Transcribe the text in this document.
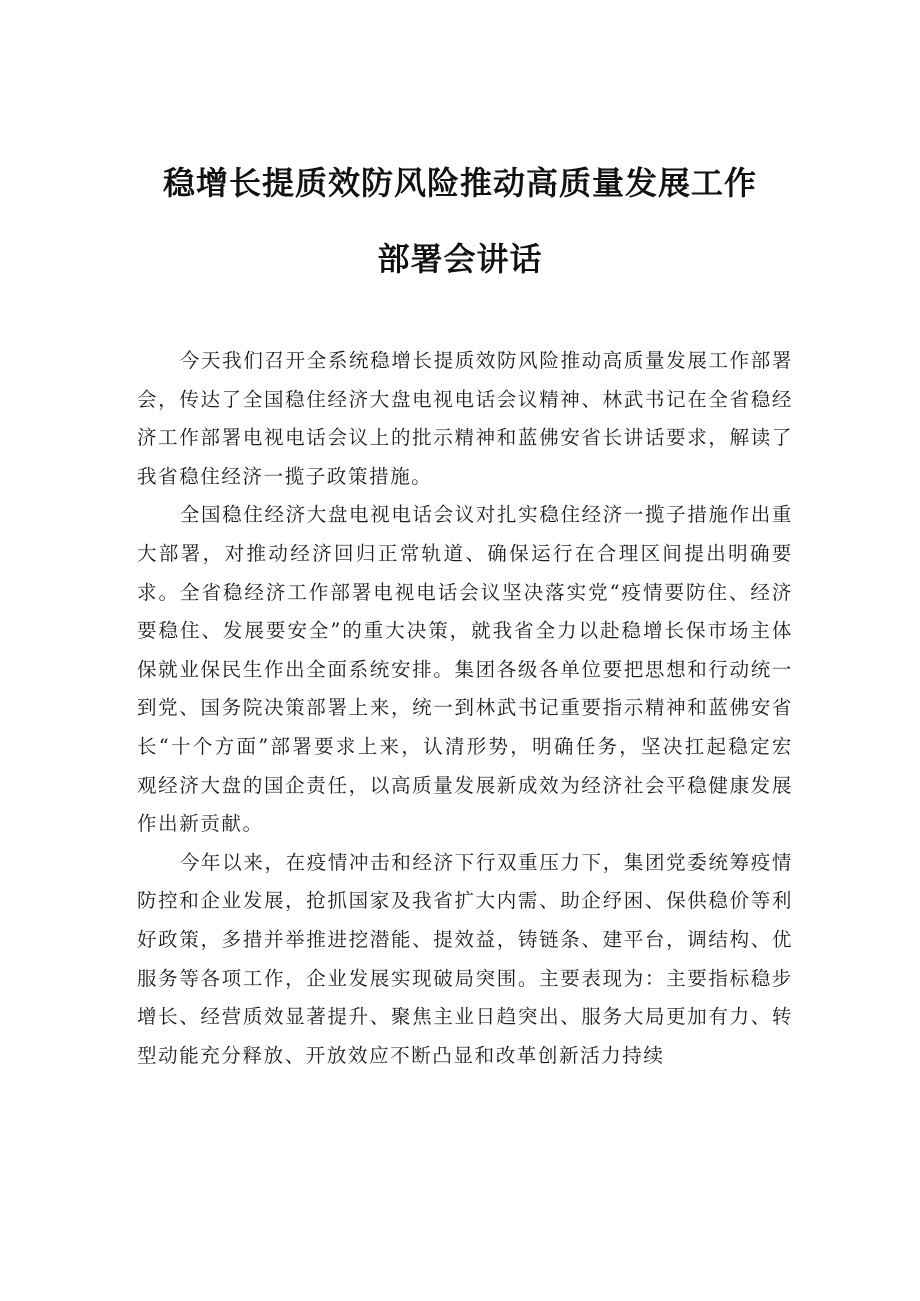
稳增长提质效防风险推动高质量发展工作
部署会讲话

今天我们召开全系统稳增长提质效防风险推动高质量发展工作部署会，传达了全国稳住经济大盘电视电话会议精神、林武书记在全省稳经济工作部署电视电话会议上的批示精神和蓝佛安省长讲话要求，解读了我省稳住经济一揽子政策措施。

全国稳住经济大盘电视电话会议对扎实稳住经济一揽子措施作出重大部署，对推动经济回归正常轨道、确保运行在合理区间提出明确要求。全省稳经济工作部署电视电话会议坚决落实党“疫情要防住、经济要稳住、发展要安全”的重大决策，就我省全力以赴稳增长保市场主体保就业保民生作出全面系统安排。集团各级各单位要把思想和行动统一到党、国务院决策部署上来，统一到林武书记重要指示精神和蓝佛安省长“十个方面”部署要求上来，认清形势，明确任务，坚决扛起稳定宏观经济大盘的国企责任，以高质量发展新成效为经济社会平稳健康发展作出新贡献。

今年以来，在疫情冲击和经济下行双重压力下，集团党委统筹疫情防控和企业发展，抢抓国家及我省扩大内需、助企纾困、保供稳价等利好政策，多措并举推进挖潜能、提效益，铸链条、建平台，调结构、优服务等各项工作，企业发展实现破局突围。主要表现为：主要指标稳步增长、经营质效显著提升、聚焦主业日趋突出、服务大局更加有力、转型动能充分释放、开放效应不断凸显和改革创新活力持续
